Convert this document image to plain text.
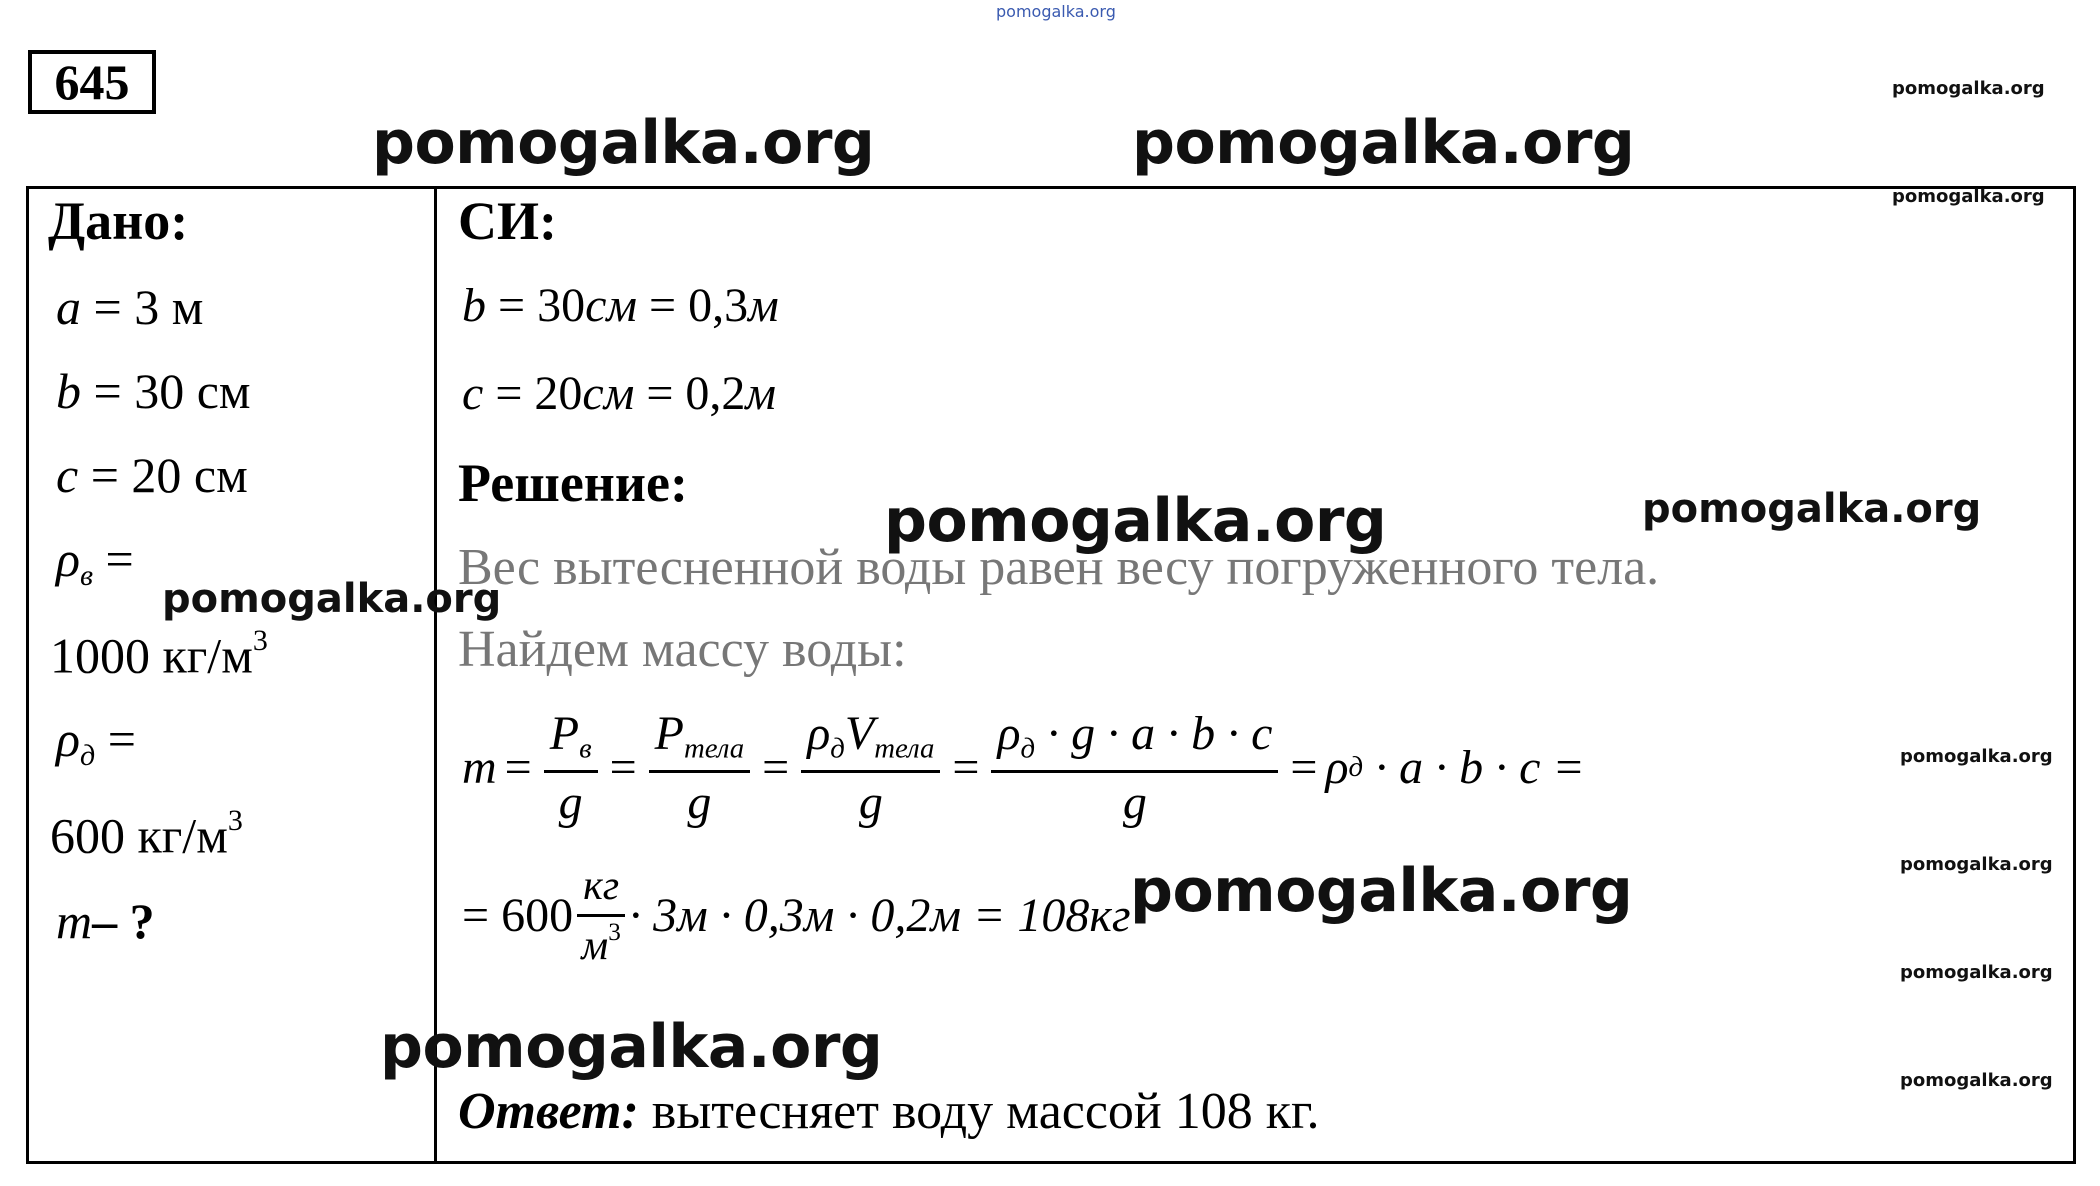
pomogalka.org
pomogalka.org
pomogalka.org	pomogalka.org
645
pomogalka.org
Дано:
a = 3 м
b = 30 см
c = 20 см
$\rho_в$ =
pomogalka.org
1000 $кг/м^3$
$\rho_д$ =
600 $кг/м^3$
m– ?
СИ:
b = 30см = 0,3м
c = 20см = 0,2м
Решение:
pomogalka.org	pomogalka.org
Вес вытесненной воды равен весу погруженного тела.
Найдем массу воды:
$m = \frac{P_в}{g} = \frac{P_{тела}}{g} = \frac{\rho_дV_{тела}}{g} = \frac{\rho_д \cdot g \cdot a \cdot b \cdot c}{g} = \rho$ д
· a · b · c =	pomogalka.org
= $600 \frac{кг}{м^3} \cdot 3м \cdot 0,3м \cdot 0,2м = 108кг$
pomogalka.org
pomogalka.org
pomogalka.org
pomogalka.org	pomogalka.org
Ответ: вытесняет воду массой 108 кг.
